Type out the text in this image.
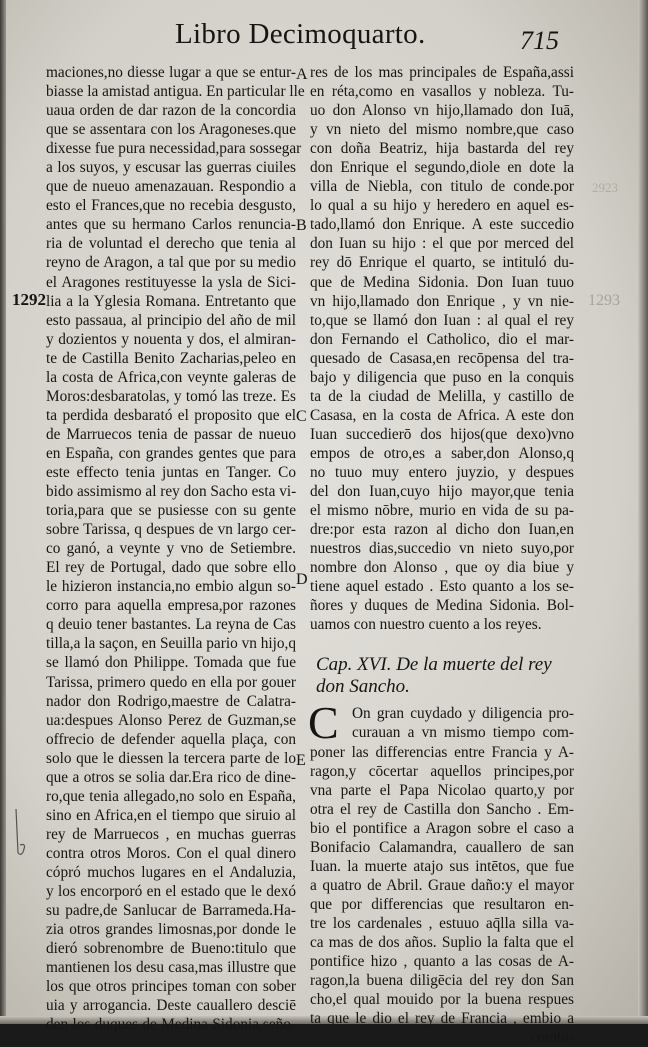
Libro Decimoquarto.	715
1292	1293
2923
A
B
C
D
E
maciones,no diesse lugar a que se entur-
biasse la amistad antigua. En particular lle
uaua orden de dar razon de la concordia
que se assentara con los Aragoneses.que
dixesse fue pura necessidad,para sossegar
a los suyos, y escusar las guerras ciuiles
que de nueuo amenazauan. Respondio a
esto el Frances,que no recebia desgusto,
antes que su hermano Carlos renuncia-
ria de voluntad el derecho que tenia al
reyno de Aragon, a tal que por su medio
el Aragones restituyesse la ysla de Sici-
lia a la Yglesia Romana. Entretanto que
esto passaua, al principio del año de mil
y dozientos y nouenta y dos, el almiran-
te de Castilla Benito Zacharias,peleo en
la costa de Africa,con veynte galeras de
Moros:desbaratolas, y tomó las treze. Es
ta perdida desbarató el proposito que el
de Marruecos tenia de passar de nueuo
en España, con grandes gentes que para
este effecto tenia juntas en Tanger. Co
bido assimismo al rey don Sacho esta vi-
toria,para que se pusiesse con su gente
sobre Tarissa, q despues de vn largo cer-
co ganó, a veynte y vno de Setiembre.
El rey de Portugal, dado que sobre ello
le hizieron instancia,no embio algun so-
corro para aquella empresa,por razones
q deuio tener bastantes. La reyna de Cas
tilla,a la saçon, en Seuilla pario vn hijo,q
se llamó don Philippe. Tomada que fue
Tarissa, primero quedo en ella por gouer
nador don Rodrigo,maestre de Calatra-
ua:despues Alonso Perez de Guzman,se
offrecio de defender aquella plaça, con
solo que le diessen la tercera parte de lo
que a otros se solia dar.Era rico de dine-
ro,que tenia allegado,no solo en España,
sino en Africa,en el tiempo que siruio al
rey de Marruecos , en muchas guerras
contra otros Moros. Con el qual dinero
cópró muchos lugares en el Andaluzia,
y los encorporó en el estado que le dexó
su padre,de Sanlucar de Barrameda.Ha-
zia otros grandes limosnas,por donde le
dieró sobrenombre de Bueno:titulo que
mantienen los desu casa,mas illustre que
los que otros principes toman con sober
uia y arrogancia. Deste cauallero desciē
den los duques de Medina Sidonia,seño-
res de los mas principales de España,assi
en réta,como en vasallos y nobleza. Tu-
uo don Alonso vn hijo,llamado don Iuā,
y vn nieto del mismo nombre,que caso
con doña Beatriz, hija bastarda del rey
don Enrique el segundo,diole en dote la
villa de Niebla, con titulo de conde.por
lo qual a su hijo y heredero en aquel es-
tado,llamó don Enrique. A este succedio
don Iuan su hijo : el que por merced del
rey dō Enrique el quarto, se intituló du-
que de Medina Sidonia. Don Iuan tuuo
vn hijo,llamado don Enrique , y vn nie-
to,que se llamó don Iuan : al qual el rey
don Fernando el Catholico, dio el mar-
quesado de Casasa,en recōpensa del tra-
bajo y diligencia que puso en la conquis
ta de la ciudad de Melilla, y castillo de
Casasa, en la costa de Africa. A este don
Iuan succedierō dos hijos(que dexo)vno
empos de otro,es a saber,don Alonso,q
no tuuo muy entero juyzio, y despues
del don Iuan,cuyo hijo mayor,que tenia
el mismo nōbre, murio en vida de su pa-
dre:por esta razon al dicho don Iuan,en
nuestros dias,succedio vn nieto suyo,por
nombre don Alonso , que oy dia biue y
tiene aquel estado . Esto quanto a los se-
ñores y duques de Medina Sidonia. Bol-
uamos con nuestro cuento a los reyes.
Cap. XVI. De la muerte del rey
don Sancho.
On gran cuydado y diligencia pro-
curauan a vn mismo tiempo com-
poner las differencias entre Francia y A-
ragon,y cōcertar aquellos principes,por
vna parte el Papa Nicolao quarto,y por
otra el rey de Castilla don Sancho . Em-
bio el pontifice a Aragon sobre el caso a
Bonifacio Calamandra, cauallero de san
Iuan. la muerte atajo sus intētos, que fue
a quatro de Abril. Graue daño:y el mayor
que por differencias que resultaron en-
tre los cardenales , estuuo aq̄lla silla va-
ca mas de dos años. Suplio la falta que el
pontifice hizo , quanto a las cosas de A-
ragon,la buena diligēcia del rey don San
cho,el qual mouido por la buena respues
ta que le dio el rey de Francia , embio a
C
combi-
